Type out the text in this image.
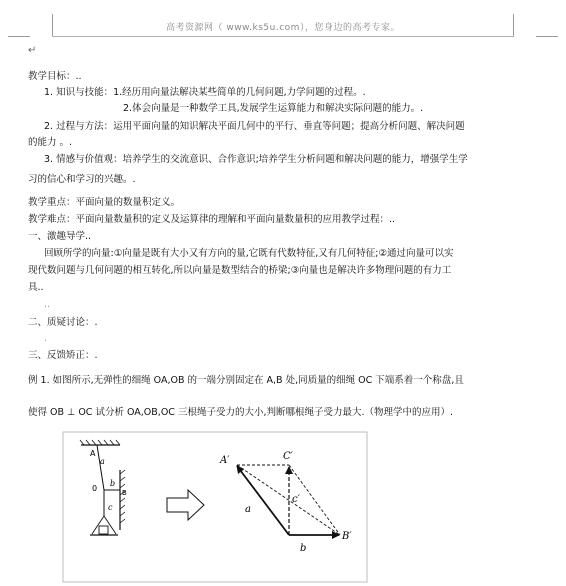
高考资源网（ www.ks5u.com），您身边的高考专家。
↵
教学目标：..
1. 知识与技能：1.经历用向量法解决某些简单的几何问题,力学问题的过程。.
2.体会向量是一种数学工具,发展学生运算能力和解决实际问题的能力。.
2. 过程与方法：运用平面向量的知识解决平面几何中的平行、垂直等问题；提高分析问题、解决问题
的能力 。.
3. 情感与价值观：培养学生的交流意识、合作意识;培养学生分析问题和解决问题的能力，增强学生学
习的信心和学习的兴趣。.
教学重点：平面向量的数量积定义。
教学难点：平面向量数量积的定义及运算律的理解和平面向量数量积的应用教学过程：..
一、激趣导学..
回顾所学的向量:①向量是既有大小又有方向的量,它既有代数特征,又有几何特征;②通过向量可以实
现代数问题与几何问题的相互转化,所以向量是数型结合的桥梁;③向量也是解决许多物理问题的有力工
具..
..
二、质疑讨论：.
.
三、反馈矫正：.
例 1. 如图所示,无弹性的细绳 OA,OB 的一端分别固定在 A,B 处,同质量的细绳 OC 下端系着一个称盘,且
使得 OB ⊥ OC 试分析 OA,OB,OC 三根绳子受力的大小,判断哪根绳子受力最大.（物理学中的应用）.
A
a
0
b
B
c
A′	C′
B′
a
c′
b
